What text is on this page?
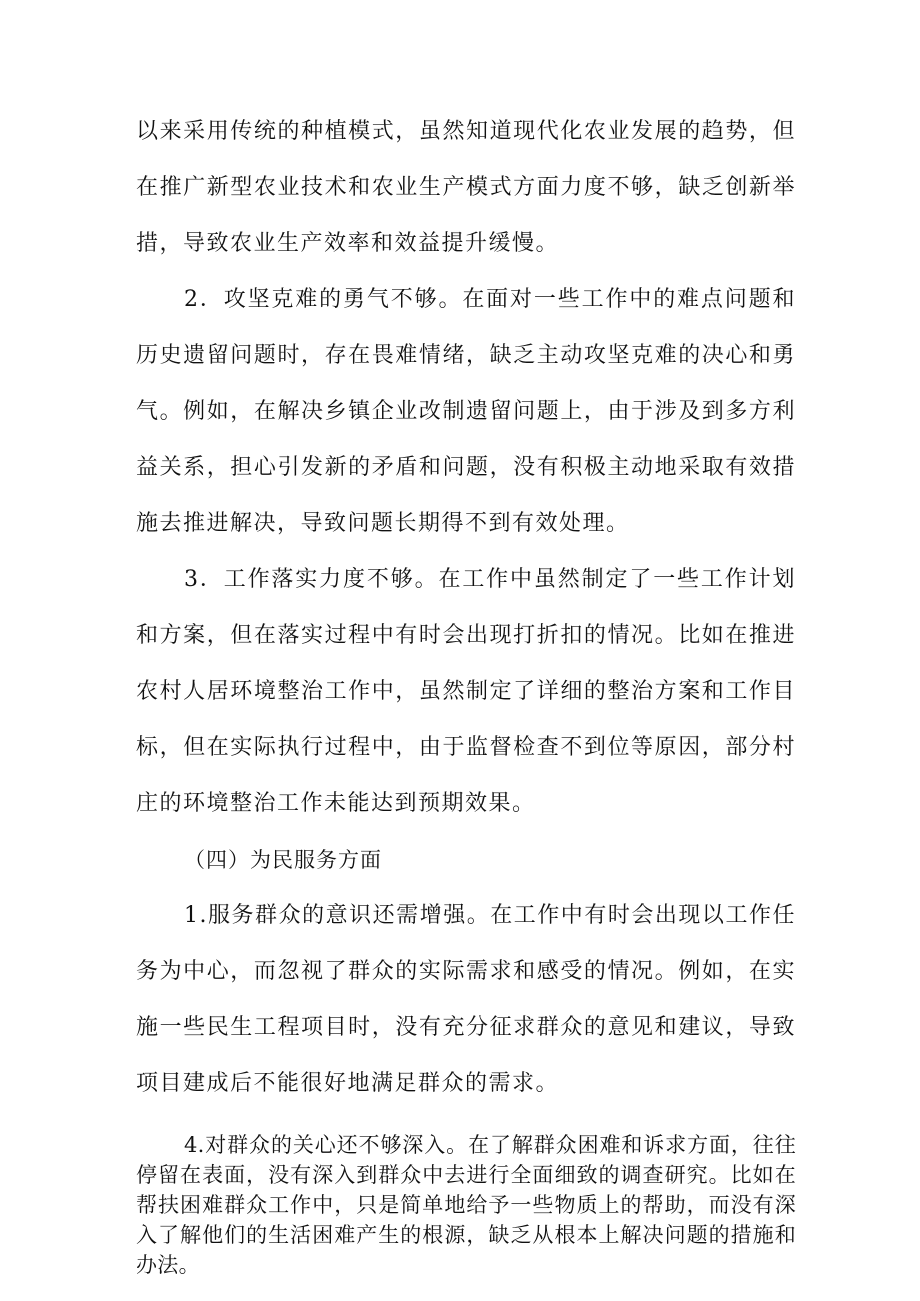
以来采用传统的种植模式，虽然知道现代化农业发展的趋势，但在推广新型农业技术和农业生产模式方面力度不够，缺乏创新举措，导致农业生产效率和效益提升缓慢。

2．攻坚克难的勇气不够。在面对一些工作中的难点问题和历史遗留问题时，存在畏难情绪，缺乏主动攻坚克难的决心和勇气。例如，在解决乡镇企业改制遗留问题上，由于涉及到多方利益关系，担心引发新的矛盾和问题，没有积极主动地采取有效措施去推进解决，导致问题长期得不到有效处理。

3．工作落实力度不够。在工作中虽然制定了一些工作计划和方案，但在落实过程中有时会出现打折扣的情况。比如在推进农村人居环境整治工作中，虽然制定了详细的整治方案和工作目标，但在实际执行过程中，由于监督检查不到位等原因，部分村庄的环境整治工作未能达到预期效果。

（四）为民服务方面

1.服务群众的意识还需增强。在工作中有时会出现以工作任务为中心，而忽视了群众的实际需求和感受的情况。例如，在实施一些民生工程项目时，没有充分征求群众的意见和建议，导致项目建成后不能很好地满足群众的需求。

4.对群众的关心还不够深入。在了解群众困难和诉求方面，往往停留在表面，没有深入到群众中去进行全面细致的调查研究。比如在帮扶困难群众工作中，只是简单地给予一些物质上的帮助，而没有深入了解他们的生活困难产生的根源，缺乏从根本上解决问题的措施和办法。
